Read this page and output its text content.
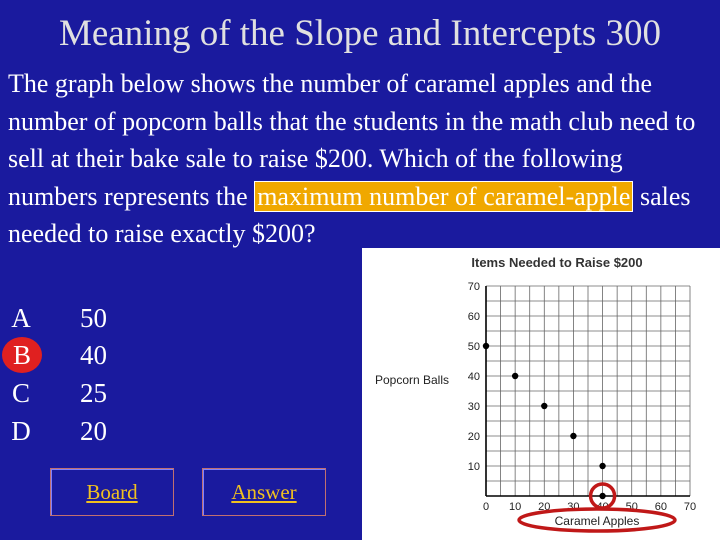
Meaning of the Slope and Intercepts 300
The graph below shows the number of caramel apples and the number of popcorn balls that the students in the math club need to sell at their bake sale to raise $200. Which of the following numbers represents the maximum number of caramel-apple sales needed to raise exactly $200?
A 50
B	40
C 25
D 20
Board	Answer
Items Needed to Raise $200
Popcorn Balls
10
20
30
40
50
60
70
0 10 20 30 40 50 60 70
Caramel Apples
